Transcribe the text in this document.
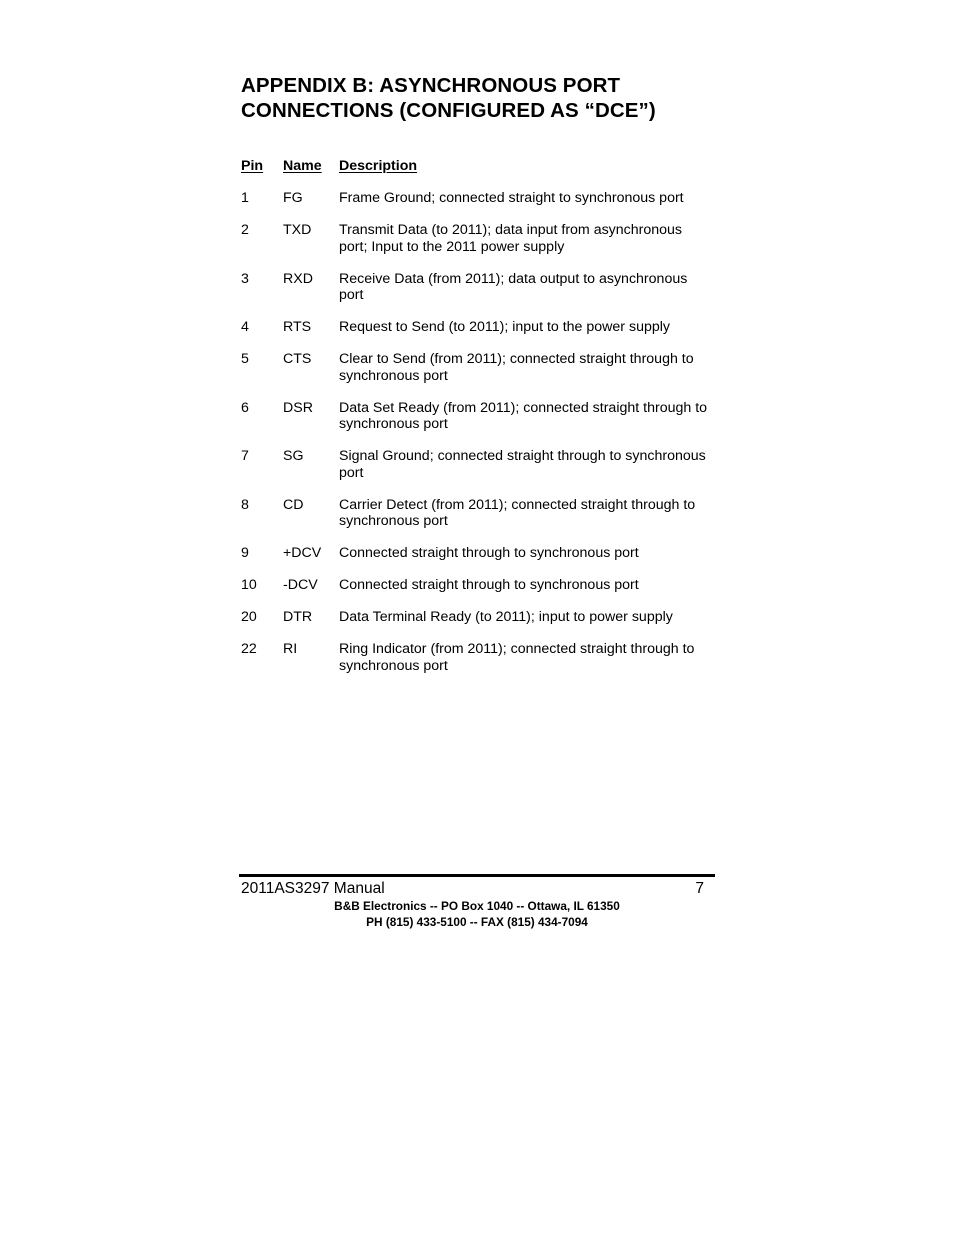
APPENDIX B: ASYNCHRONOUS PORT
CONNECTIONS (CONFIGURED AS “DCE”)
Pin	Name	Description
1	FG	Frame Ground; connected straight to synchronous port
2	TXD	Transmit Data (to 2011); data input from asynchronous port; Input to the 2011 power supply
3	RXD	Receive Data (from 2011); data output to asynchronous port
4	RTS	Request to Send (to 2011); input to the power supply
5	CTS	Clear to Send (from 2011); connected straight through to synchronous port
6	DSR	Data Set Ready (from 2011); connected straight through to synchronous port
7	SG	Signal Ground; connected straight through to synchronous port
8	CD	Carrier Detect (from 2011); connected straight through to synchronous port
9	+DCV	Connected straight through to synchronous port
10	-DCV	Connected straight through to synchronous port
20	DTR	Data Terminal Ready (to 2011); input to power supply
22	RI	Ring Indicator (from 2011); connected straight through to synchronous port
2011AS3297 Manual	7
B&B Electronics -- PO Box 1040 -- Ottawa, IL 61350
PH (815) 433-5100 -- FAX (815) 434-7094
